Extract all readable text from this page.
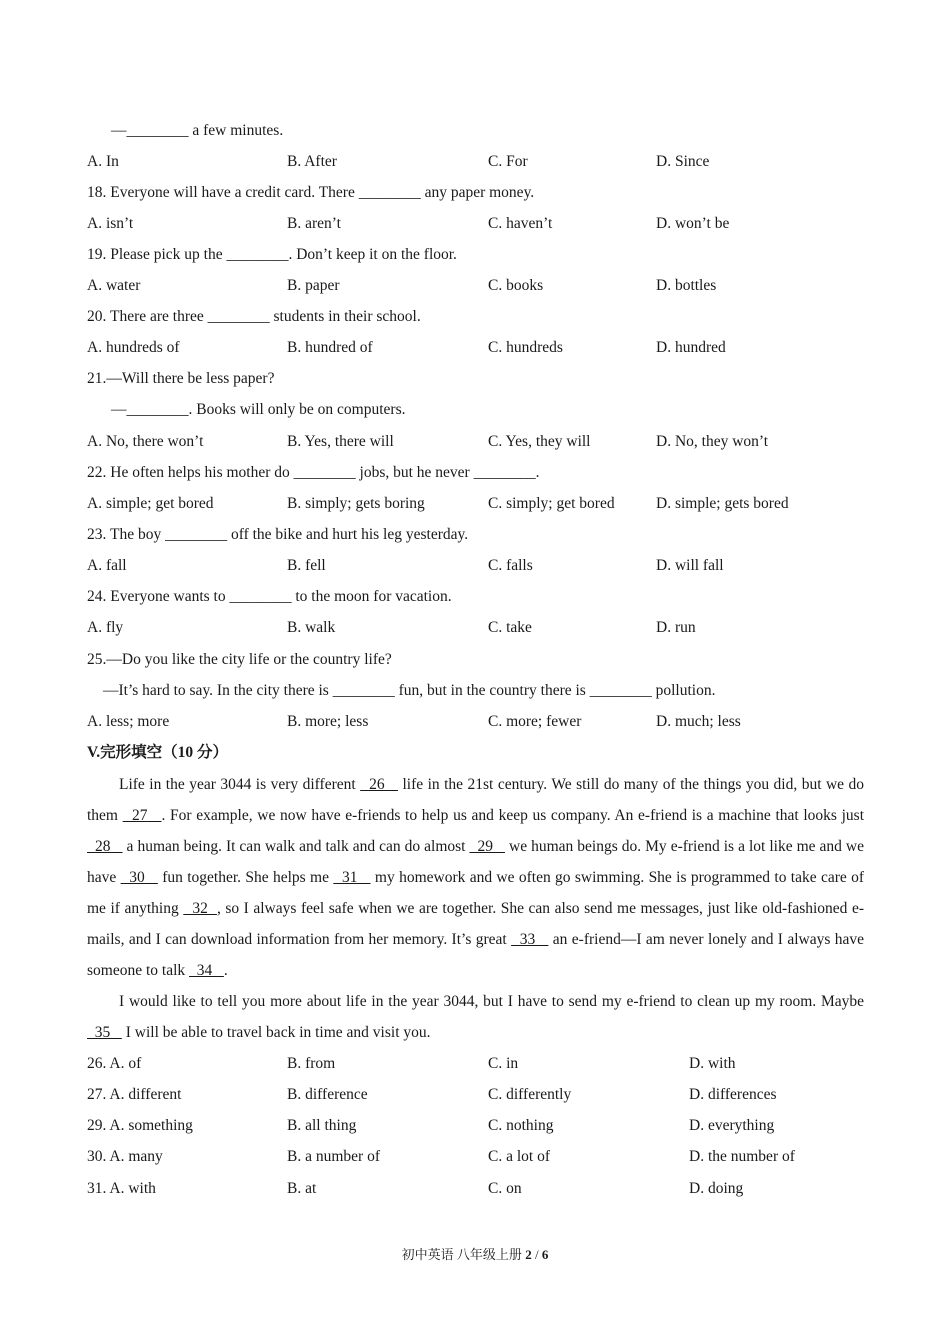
—________ a few minutes.
A. In	B. After	C. For	D. Since
18. Everyone will have a credit card. There ________ any paper money.
A. isn’t	B. aren’t	C. haven’t	D. won’t be
19. Please pick up the ________. Don’t keep it on the floor.
A. water	B. paper	C. books	D. bottles
20. There are three ________ students in their school.
A. hundreds of	B. hundred of	C. hundreds	D. hundred
21.—Will there be less paper?
—________. Books will only be on computers.
A. No, there won’t	B. Yes, there will	C. Yes, they will	D. No, they won’t
22. He often helps his mother do ________ jobs, but he never ________.
A. simple; get bored	B. simply; gets boring	C. simply; get bored	D. simple; gets bored
23. The boy ________ off the bike and hurt his leg yesterday.
A. fall	B. fell	C. falls	D. will fall
24. Everyone wants to ________ to the moon for vacation.
A. fly	B. walk	C. take	D. run
25.—Do you like the city life or the country life?
—It’s hard to say. In the city there is ________ fun, but in the country there is ________ pollution.
A. less; more	B. more; less	C. more; fewer	D. much; less
V.完形填空（10 分）

Life in the year 3044 is very different   26    life in the 21st century. We still do many of the things you did, but we do them   27   . For example, we now have e-friends to help us and keep us company. An e-friend is a machine that looks just   28    a human being. It can walk and talk and can do almost   29    we human beings do. My e-friend is a lot like me and we have   30    fun together. She helps me   31    my homework and we often go swimming. She is programmed to take care of me if anything   32  , so I always feel safe when we are together. She can also send me messages, just like old-fashioned e-mails, and I can download information from her memory. It’s great   33    an e-friend—I am never lonely and I always have someone to talk   34   .

I would like to tell you more about life in the year 3044, but I have to send my e-friend to clean up my room. Maybe   35    I will be able to travel back in time and visit you.

26. A. of	B. from	C. in	D. with
27. A. different	B. difference	C. differently	D. differences
29. A. something	B. all thing	C. nothing	D. everything
30. A. many	B. a number of	C. a lot of	D. the number of
31. A. with	B. at	C. on	D. doing
初中英语 八年级上册 2 / 6
